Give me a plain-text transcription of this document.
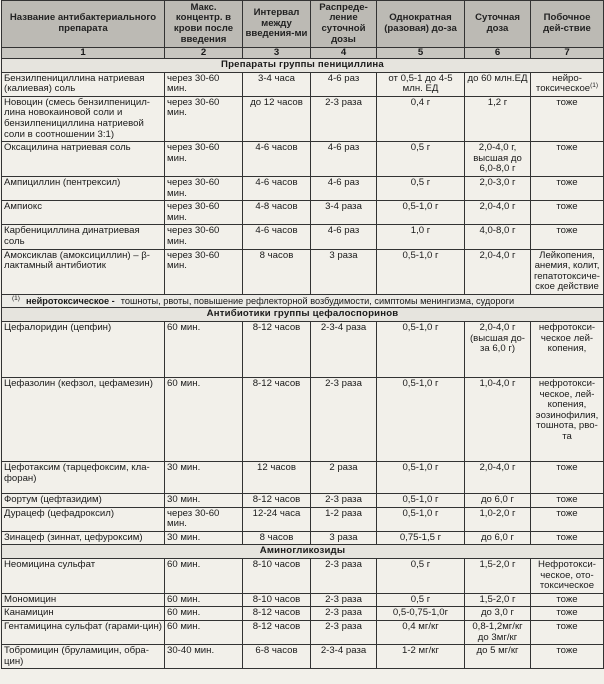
Название антибактериального препарата	Макс. концентр. в крови после введения	Интервал между введения-ми	Распреде-ление суточной дозы	Однократная (разовая) до-за	Суточная доза	Побочное дей-ствие
1	2	3	4	5	6	7
Препараты группы пенициллина						
Бензилпенициллина натриевая (калиевая) соль	через 30-60 мин.	3-4 часа	4-6 раз	от 0,5-1 до 4-5 млн. ЕД	до 60 млн.ЕД	нейро-токсическое$^{(1)}$
Новоцин (смесь бензилпеницил-лина новокаиновой соли и бензилпенициллина натриевой соли в соотношении 3:1)	через 30-60 мин.	до 12 часов	2-3 раза	0,4 г	1,2 г	тоже
Оксацилина натриевая соль	через 30-60 мин.	4-6 часов	4-6 раз	0,5 г	2,0-4,0 г, высшая до 6,0-8,0 г	тоже
Ампициллин (пентрексил)	через 30-60 мин.	4-6 часов	4-6 раз	0,5 г	2,0-3,0 г	тоже
Ампиокс	через 30-60 мин.	4-8 часов	3-4 раза	0,5-1,0 г	2,0-4,0 г	тоже
Карбенициллина динатриевая соль	через 30-60 мин.	4-6 часов	4-6 раз	1,0 г	4,0-8,0 г	тоже
Амоксиклав (амоксициллин) – β-лактамный антибиотик	через 30-60 мин.	8 часов	3 раза	0,5-1,0 г	2,0-4,0 г	Лейкопения, анемия, колит, гепатотоксиче-ское действие
$^{(1)}$ нейротоксическое - тошноты, рвоты, повышение рефлекторной возбудимости, симптомы менингизма, судороги						
Антибиотики группы цефалоспоринов						
Цефалоридин (цепфин)	60 мин.	8-12 часов	2-3-4 раза	0,5-1,0 г	2,0-4,0 г (высшая до-за 6,0 г)	нефротокси-ческое лей-копения,
Цефазолин (кефзол, цефамезин)	60 мин.	8-12 часов	2-3 раза	0,5-1,0 г	1,0-4,0 г	нефротокси-ческое, лей-копения, эозинофилия, тошнота, рво-та
Цефотаксим (тарцефоксим, кла-форан)	30 мин.	12 часов	2 раза	0,5-1,0 г	2,0-4,0 г	тоже
Фортум (цефтазидим)	30 мин.	8-12 часов	2-3 раза	0,5-1,0 г	до 6,0 г	тоже
Дурацеф (цефадроксил)	через 30-60 мин.	12-24 часа	1-2 раза	0,5-1,0 г	1,0-2,0 г	тоже
Зинацеф (зиннат, цефуроксим)	30 мин.	8 часов	3 раза	0,75-1,5 г	до 6,0 г	тоже
Аминогликозиды						
Неомицина сульфат	60 мин.	8-10 часов	2-3 раза	0,5 г	1,5-2,0 г	Нефротокси-ческое, ото-токсическое
Мономицин	60 мин.	8-10 часов	2-3 раза	0,5 г	1,5-2,0 г	тоже
Канамицин	60 мин.	8-12 часов	2-3 раза	0,5-0,75-1,0г	до 3,0 г	тоже
Гентамицина сульфат (гарами-цин)	60 мин.	8-12 часов	2-3 раза	0,4 мг/кг	0,8-1,2мг/кг до 3мг/кг	тоже
Тобромицин (бруламицин, обра-цин)	30-40 мин.	6-8 часов	2-3-4 раза	1-2 мг/кг	до 5 мг/кг	тоже
